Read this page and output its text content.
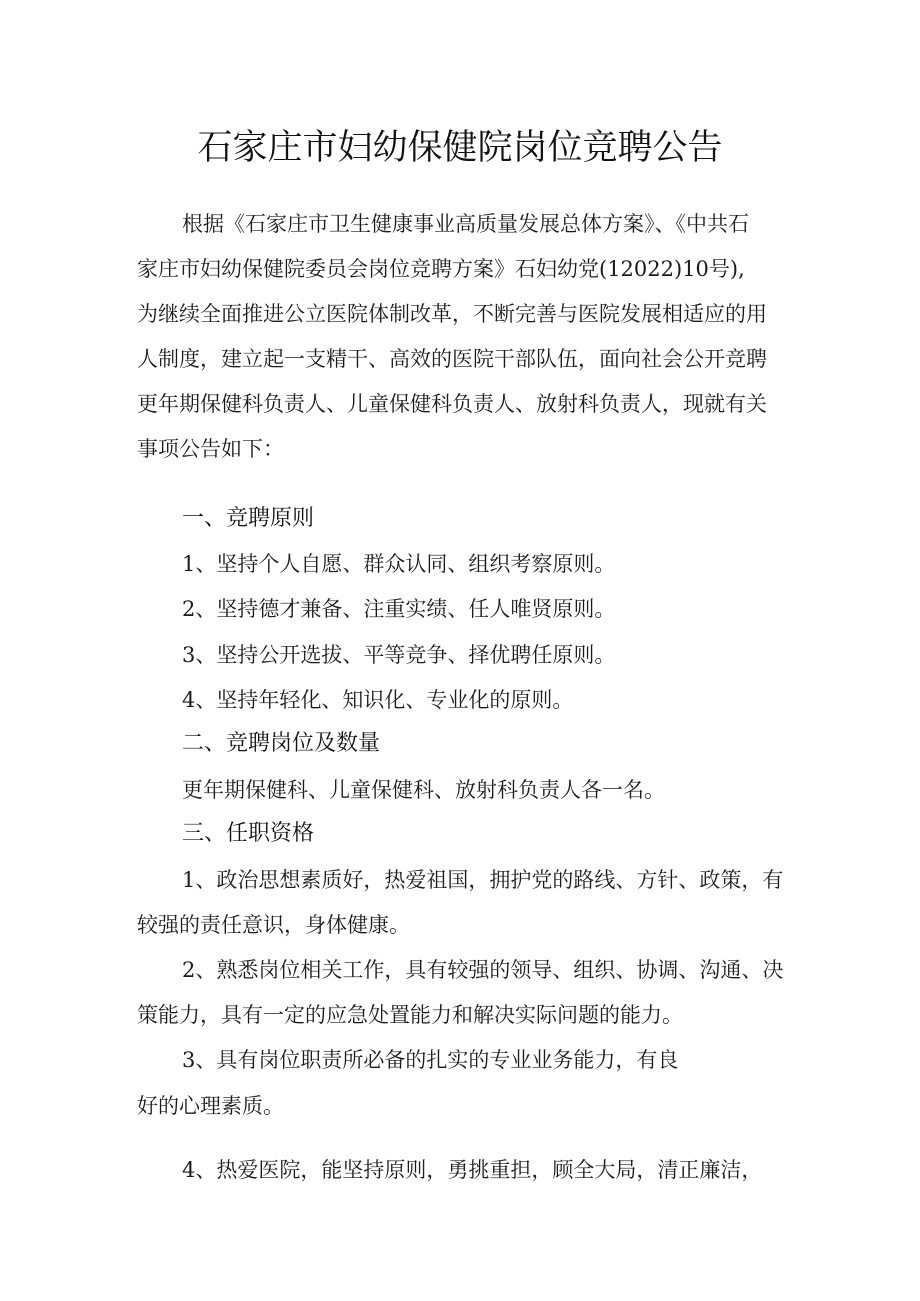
石家庄市妇幼保健院岗位竞聘公告
根据《石家庄市卫生健康事业高质量发展总体方案》、《中共石
家庄市妇幼保健院委员会岗位竞聘方案》石妇幼党(12022)10号),
为继续全面推进公立医院体制改革，不断完善与医院发展相适应的用
人制度，建立起一支精干、高效的医院干部队伍，面向社会公开竞聘
更年期保健科负责人、儿童保健科负责人、放射科负责人，现就有关
事项公告如下：
一、竞聘原则
1、坚持个人自愿、群众认同、组织考察原则。
2、坚持德才兼备、注重实绩、任人唯贤原则。
3、坚持公开选拔、平等竞争、择优聘任原则。
4、坚持年轻化、知识化、专业化的原则。
二、竞聘岗位及数量
更年期保健科、儿童保健科、放射科负责人各一名。
三、任职资格
1、政治思想素质好，热爱祖国，拥护党的路线、方针、政策，有
较强的责任意识，身体健康。
2、熟悉岗位相关工作，具有较强的领导、组织、协调、沟通、决
策能力，具有一定的应急处置能力和解决实际问题的能力。
3、具有岗位职责所必备的扎实的专业业务能力，有良
好的心理素质。
4、热爱医院，能坚持原则，勇挑重担，顾全大局，清正廉洁，
